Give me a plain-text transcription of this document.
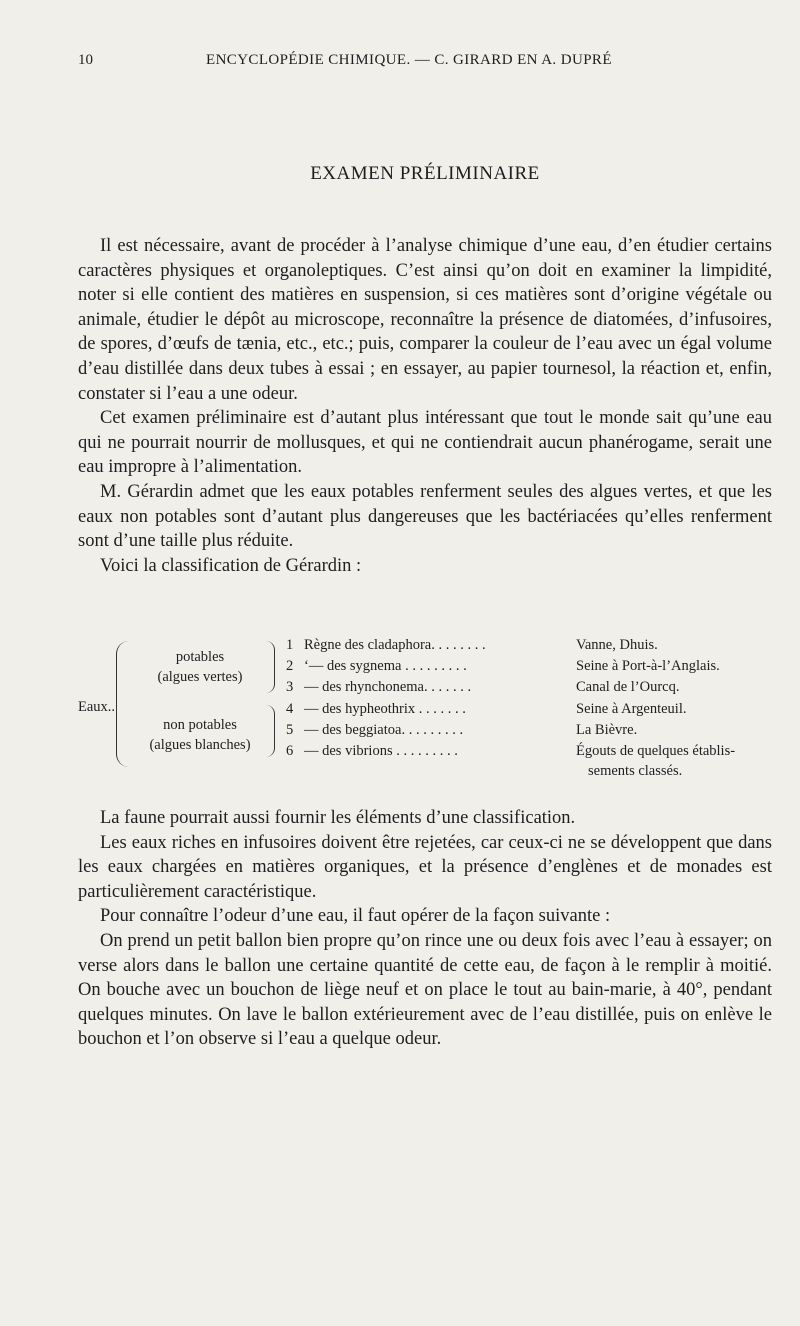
10	ENCYCLOPÉDIE CHIMIQUE. — C. GIRARD EN A. DUPRÉ
EXAMEN PRÉLIMINAIRE

Il est nécessaire, avant de procéder à l’analyse chimique d’une eau, d’en étudier certains caractères physiques et organoleptiques. C’est ainsi qu’on doit en examiner la limpidité, noter si elle contient des matières en suspension, si ces matières sont d’origine végétale ou animale, étudier le dépôt au microscope, reconnaître la présence de diatomées, d’infusoires, de spores, d’œufs de tænia, etc., etc.; puis, comparer la couleur de l’eau avec un égal volume d’eau distillée dans deux tubes à essai ; en essayer, au papier tournesol, la réaction et, enfin, constater si l’eau a une odeur.

Cet examen préliminaire est d’autant plus intéressant que tout le monde sait qu’une eau qui ne pourrait nourrir de mollusques, et qui ne contiendrait aucun phanérogame, serait une eau impropre à l’alimentation.

M. Gérardin admet que les eaux potables renferment seules des algues vertes, et que les eaux non potables sont d’autant plus dangereuses que les bactériacées qu’elles renferment sont d’une taille plus réduite.

Voici la classification de Gérardin :

Eaux..
potables
(algues vertes)
non potables
(algues blanches)
1 Règne des cladaphora. . . . . . . .	Vanne, Dhuis.
2 ‘— des sygnema . . . . . . . . .	Seine à Port-à-l’Anglais.
3 — des rhynchonema. . . . . . .	Canal de l’Ourcq.
4 — des hypheothrix . . . . . . .	Seine à Argenteuil.
5 — des beggiatoa. . . . . . . . .	La Bièvre.
6 — des vibrions . . . . . . . . .	Égouts de quelques établis-
sements classés.

La faune pourrait aussi fournir les éléments d’une classification.

Les eaux riches en infusoires doivent être rejetées, car ceux-ci ne se développent que dans les eaux chargées en matières organiques, et la présence d’englènes et de monades est particulièrement caractéristique.

Pour connaître l’odeur d’une eau, il faut opérer de la façon suivante :

On prend un petit ballon bien propre qu’on rince une ou deux fois avec l’eau à essayer; on verse alors dans le ballon une certaine quantité de cette eau, de façon à le remplir à moitié. On bouche avec un bouchon de liège neuf et on place le tout au bain-marie, à 40°, pendant quelques minutes. On lave le ballon extérieurement avec de l’eau distillée, puis on enlève le bouchon et l’on observe si l’eau a quelque odeur.
